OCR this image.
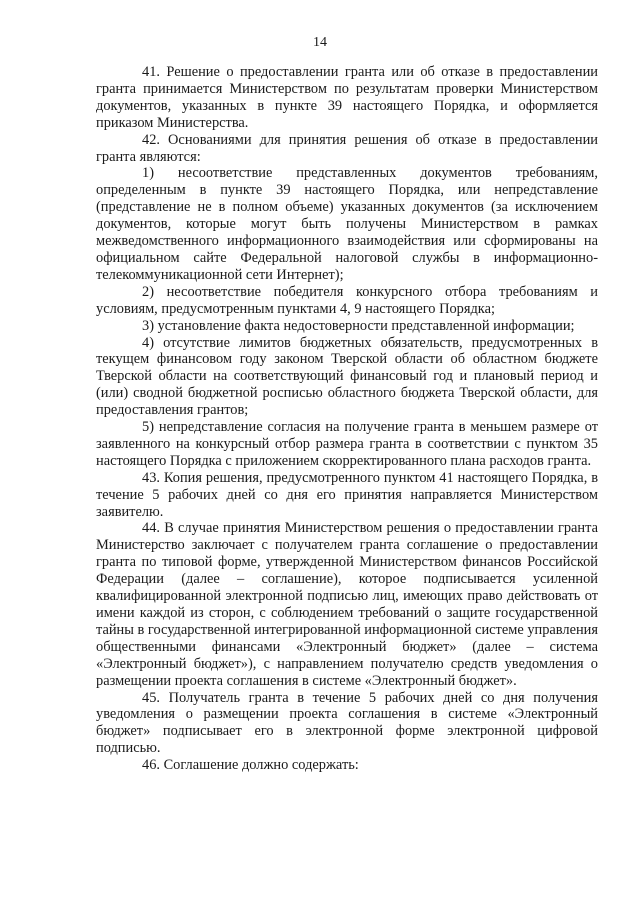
14

41. Решение о предоставлении гранта или об отказе в предоставлении гранта принимается Министерством по результатам проверки Министерством документов, указанных в пункте 39 настоящего Порядка, и оформляется приказом Министерства.

42. Основаниями для принятия решения об отказе в предоставлении гранта являются:

1) несоответствие представленных документов требованиям, определенным в пункте 39 настоящего Порядка, или непредставление (представление не в полном объеме) указанных документов (за исключением документов, которые могут быть получены Министерством в рамках межведомственного информационного взаимодействия или сформированы на официальном сайте Федеральной налоговой службы в информационно-телекоммуникационной сети Интернет);

2) несоответствие победителя конкурсного отбора требованиям и условиям, предусмотренным пунктами 4, 9 настоящего Порядка;

3) установление факта недостоверности представленной информации;

4) отсутствие лимитов бюджетных обязательств, предусмотренных в текущем финансовом году законом Тверской области об областном бюджете Тверской области на соответствующий финансовый год и плановый период и (или) сводной бюджетной росписью областного бюджета Тверской области, для предоставления грантов;

5) непредставление согласия на получение гранта в меньшем размере от заявленного на конкурсный отбор размера гранта в соответствии с пунктом 35 настоящего Порядка с приложением скорректированного плана расходов гранта.

43. Копия решения, предусмотренного пунктом 41 настоящего Порядка, в течение 5 рабочих дней со дня его принятия направляется Министерством заявителю.

44. В случае принятия Министерством решения о предоставлении гранта Министерство заключает с получателем гранта соглашение о предоставлении гранта по типовой форме, утвержденной Министерством финансов Российской Федерации (далее – соглашение), которое подписывается усиленной квалифицированной электронной подписью лиц, имеющих право действовать от имени каждой из сторон, с соблюдением требований о защите государственной тайны в государственной интегрированной информационной системе управления общественными финансами «Электронный бюджет» (далее – система «Электронный бюджет»), с направлением получателю средств уведомления о размещении проекта соглашения в системе «Электронный бюджет».

45. Получатель гранта в течение 5 рабочих дней со дня получения уведомления о размещении проекта соглашения в системе «Электронный бюджет» подписывает его в электронной форме электронной цифровой подписью.

46. Соглашение должно содержать:
